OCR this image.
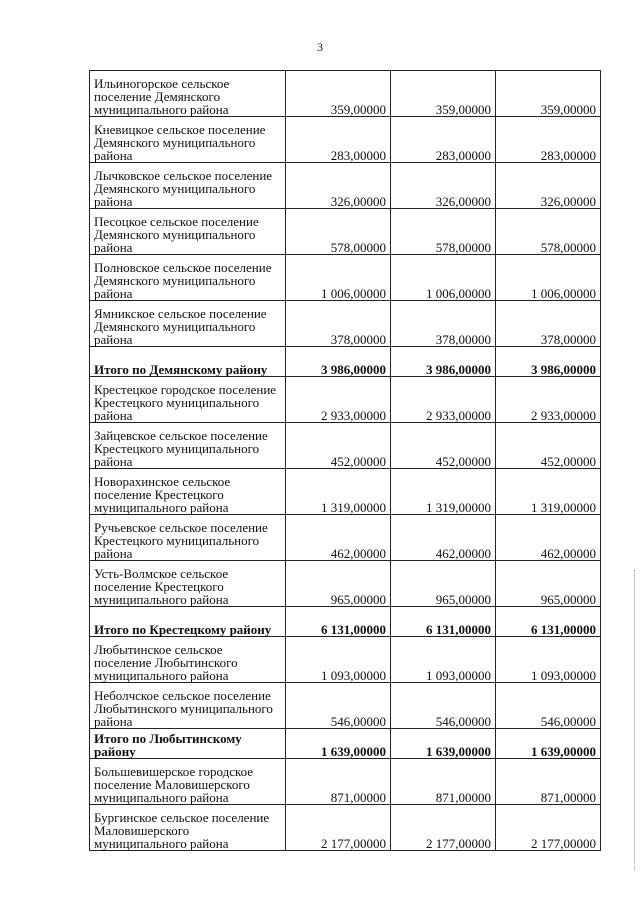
3
Ильиногорское сельское поселение Демянского муниципального района	359,00000	359,00000	359,00000
Кневицкое сельское поселение Демянского муниципального района	283,00000	283,00000	283,00000
Лычковское сельское поселение Демянского муниципального района	326,00000	326,00000	326,00000
Песоцкое сельское поселение Демянского муниципального района	578,00000	578,00000	578,00000
Полновское сельское поселение Демянского муниципального района	1 006,00000	1 006,00000	1 006,00000
Ямникское сельское поселение Демянского муниципального района	378,00000	378,00000	378,00000
Итого по Демянскому району	3 986,00000	3 986,00000	3 986,00000
Крестецкое городское поселение Крестецкого муниципального района	2 933,00000	2 933,00000	2 933,00000
Зайцевское сельское поселение Крестецкого муниципального района	452,00000	452,00000	452,00000
Новорахинское сельское поселение Крестецкого муниципального района	1 319,00000	1 319,00000	1 319,00000
Ручьевское сельское поселение Крестецкого муниципального района	462,00000	462,00000	462,00000
Усть-Волмское сельское поселение Крестецкого муниципального района	965,00000	965,00000	965,00000
Итого по Крестецкому району	6 131,00000	6 131,00000	6 131,00000
Любытинское сельское поселение Любытинского муниципального района	1 093,00000	1 093,00000	1 093,00000
Неболчское сельское поселение Любытинского муниципального района	546,00000	546,00000	546,00000
Итого по Любытинскому району	1 639,00000	1 639,00000	1 639,00000
Большевишерское городское поселение Маловишерского муниципального района	871,00000	871,00000	871,00000
Бургинское сельское поселение Маловишерского муниципального района	2 177,00000	2 177,00000	2 177,00000
